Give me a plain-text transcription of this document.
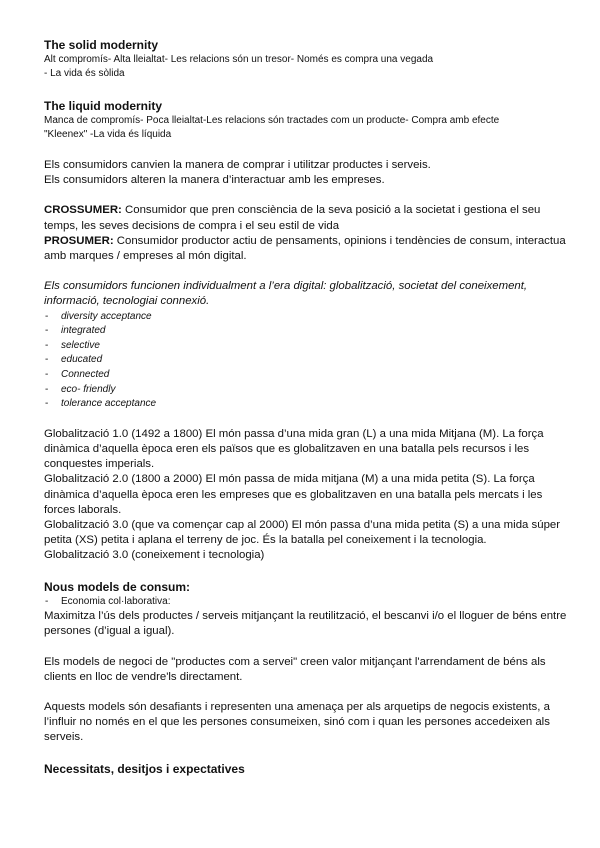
The solid modernity

Alt compromís- Alta lleialtat- Les relacions són un tresor- Només es compra una vegada

- La vida és sòlida

The liquid modernity

Manca de compromís- Poca lleialtat-Les relacions són tractades com un producte- Compra amb efecte

"Kleenex" -La vida és líquida

Els consumidors canvien la manera de comprar i utilitzar productes i serveis.

Els consumidors alteren la manera d’interactuar amb les empreses.

CROSSUMER: Consumidor que pren consciència de la seva posició a la societat i gestiona el seu temps, les seves decisions de compra i el seu estil de vida

PROSUMER: Consumidor productor actiu de pensaments, opinions i tendències de consum, interactua amb marques / empreses al món digital.

Els consumidors funcionen individualment a l’era digital: globalització, societat del coneixement, informació, tecnologiai connexió.

- diversity acceptance
- integrated
- selective
- educated
- Connected
- eco- friendly
- tolerance acceptance

Globalització 1.0 (1492 a 1800) El món passa d’una mida gran (L) a una mida Mitjana (M). La força dinàmica d’aquella època eren els països que es globalitzaven en una batalla pels recursos i les conquestes imperials.

Globalització 2.0 (1800 a 2000) El món passa de mida mitjana (M) a una mida petita (S). La força dinàmica d’aquella època eren les empreses que es globalitzaven en una batalla pels mercats i les forces laborals.

Globalització 3.0 (que va començar cap al 2000) El món passa d’una mida petita (S) a una mida súper petita (XS) petita i aplana el terreny de joc. És la batalla pel coneixement i la tecnologia.

Globalització 3.0 (coneixement i tecnologia)

Nous models de consum:

- Economia col·laborativa:

Maximitza l’ús dels productes / serveis mitjançant la reutilització, el bescanvi i/o el lloguer de béns entre persones (d’igual a igual).

Els models de negoci de "productes com a servei" creen valor mitjançant l'arrendament de béns als clients en lloc de vendre'ls directament.

Aquests models són desafiants i representen una amenaça per als arquetips de negocis existents, a l’influir no només en el que les persones consumeixen, sinó com i quan les persones accedeixen als serveis.

Necessitats, desitjos i expectatives
